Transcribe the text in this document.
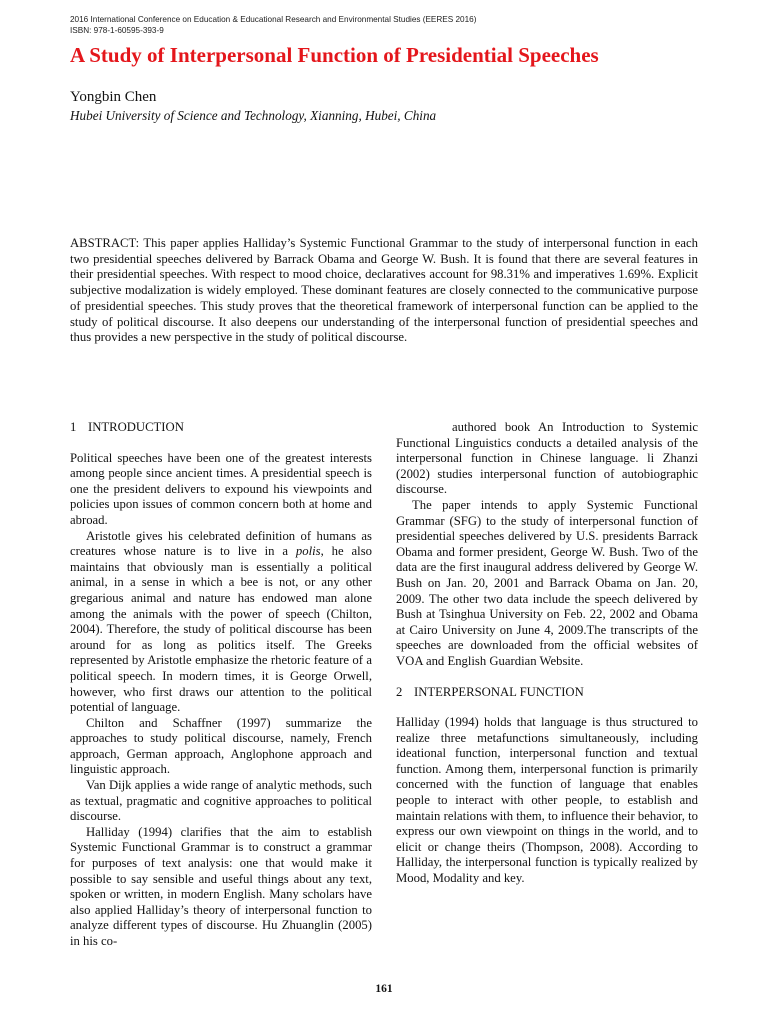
2016 International Conference on Education & Educational Research and Environmental Studies (EERES 2016)
ISBN: 978-1-60595-393-9
A Study of Interpersonal Function of Presidential Speeches

Yongbin Chen

Hubei University of Science and Technology, Xianning, Hubei, China

ABSTRACT: This paper applies Halliday’s Systemic Functional Grammar to the study of interpersonal function in each two presidential speeches delivered by Barrack Obama and George W. Bush. It is found that there are several features in their presidential speeches. With respect to mood choice, declaratives account for 98.31% and imperatives 1.69%. Explicit subjective modalization is widely employed. These dominant features are closely connected to the communicative purpose of presidential speeches. This study proves that the theoretical framework of interpersonal function can be applied to the study of political discourse. It also deepens our understanding of the interpersonal function of presidential speeches and thus provides a new perspective in the study of political discourse.

1 INTRODUCTION

Political speeches have been one of the greatest interests among people since ancient times. A presidential speech is one the president delivers to expound his viewpoints and policies upon issues of common concern both at home and abroad.

Aristotle gives his celebrated definition of humans as creatures whose nature is to live in a polis, he also maintains that obviously man is essentially a political animal, in a sense in which a bee is not, or any other gregarious animal and nature has endowed man alone among the animals with the power of speech (Chilton, 2004). Therefore, the study of political discourse has been around for as long as politics itself. The Greeks represented by Aristotle emphasize the rhetoric feature of a political speech. In modern times, it is George Orwell, however, who first draws our attention to the political potential of language.

Chilton and Schaffner (1997) summarize the approaches to study political discourse, namely, French approach, German approach, Anglophone approach and linguistic approach.

Van Dijk applies a wide range of analytic methods, such as textual, pragmatic and cognitive approaches to political discourse.

Halliday (1994) clarifies that the aim to establish Systemic Functional Grammar is to construct a grammar for purposes of text analysis: one that would make it possible to say sensible and useful things about any text, spoken or written, in modern English. Many scholars have also applied Halliday’s theory of interpersonal function to analyze different types of discourse. Hu Zhuanglin (2005) in his co-

authored book An Introduction to Systemic Functional Linguistics conducts a detailed analysis of the interpersonal function in Chinese language. li Zhanzi (2002) studies interpersonal function of autobiographic discourse.

The paper intends to apply Systemic Functional Grammar (SFG) to the study of interpersonal function of presidential speeches delivered by U.S. presidents Barrack Obama and former president, George W. Bush. Two of the data are the first inaugural address delivered by George W. Bush on Jan. 20, 2001 and Barrack Obama on Jan. 20, 2009. The other two data include the speech delivered by Bush at Tsinghua University on Feb. 22, 2002 and Obama at Cairo University on June 4, 2009.The transcripts of the speeches are downloaded from the official websites of VOA and English Guardian Website.

2 INTERPERSONAL FUNCTION

Halliday (1994) holds that language is thus structured to realize three metafunctions simultaneously, including ideational function, interpersonal function and textual function. Among them, interpersonal function is primarily concerned with the function of language that enables people to interact with other people, to establish and maintain relations with them, to influence their behavior, to express our own viewpoint on things in the world, and to elicit or change theirs (Thompson, 2008). According to Halliday, the interpersonal function is typically realized by Mood, Modality and key.

161
